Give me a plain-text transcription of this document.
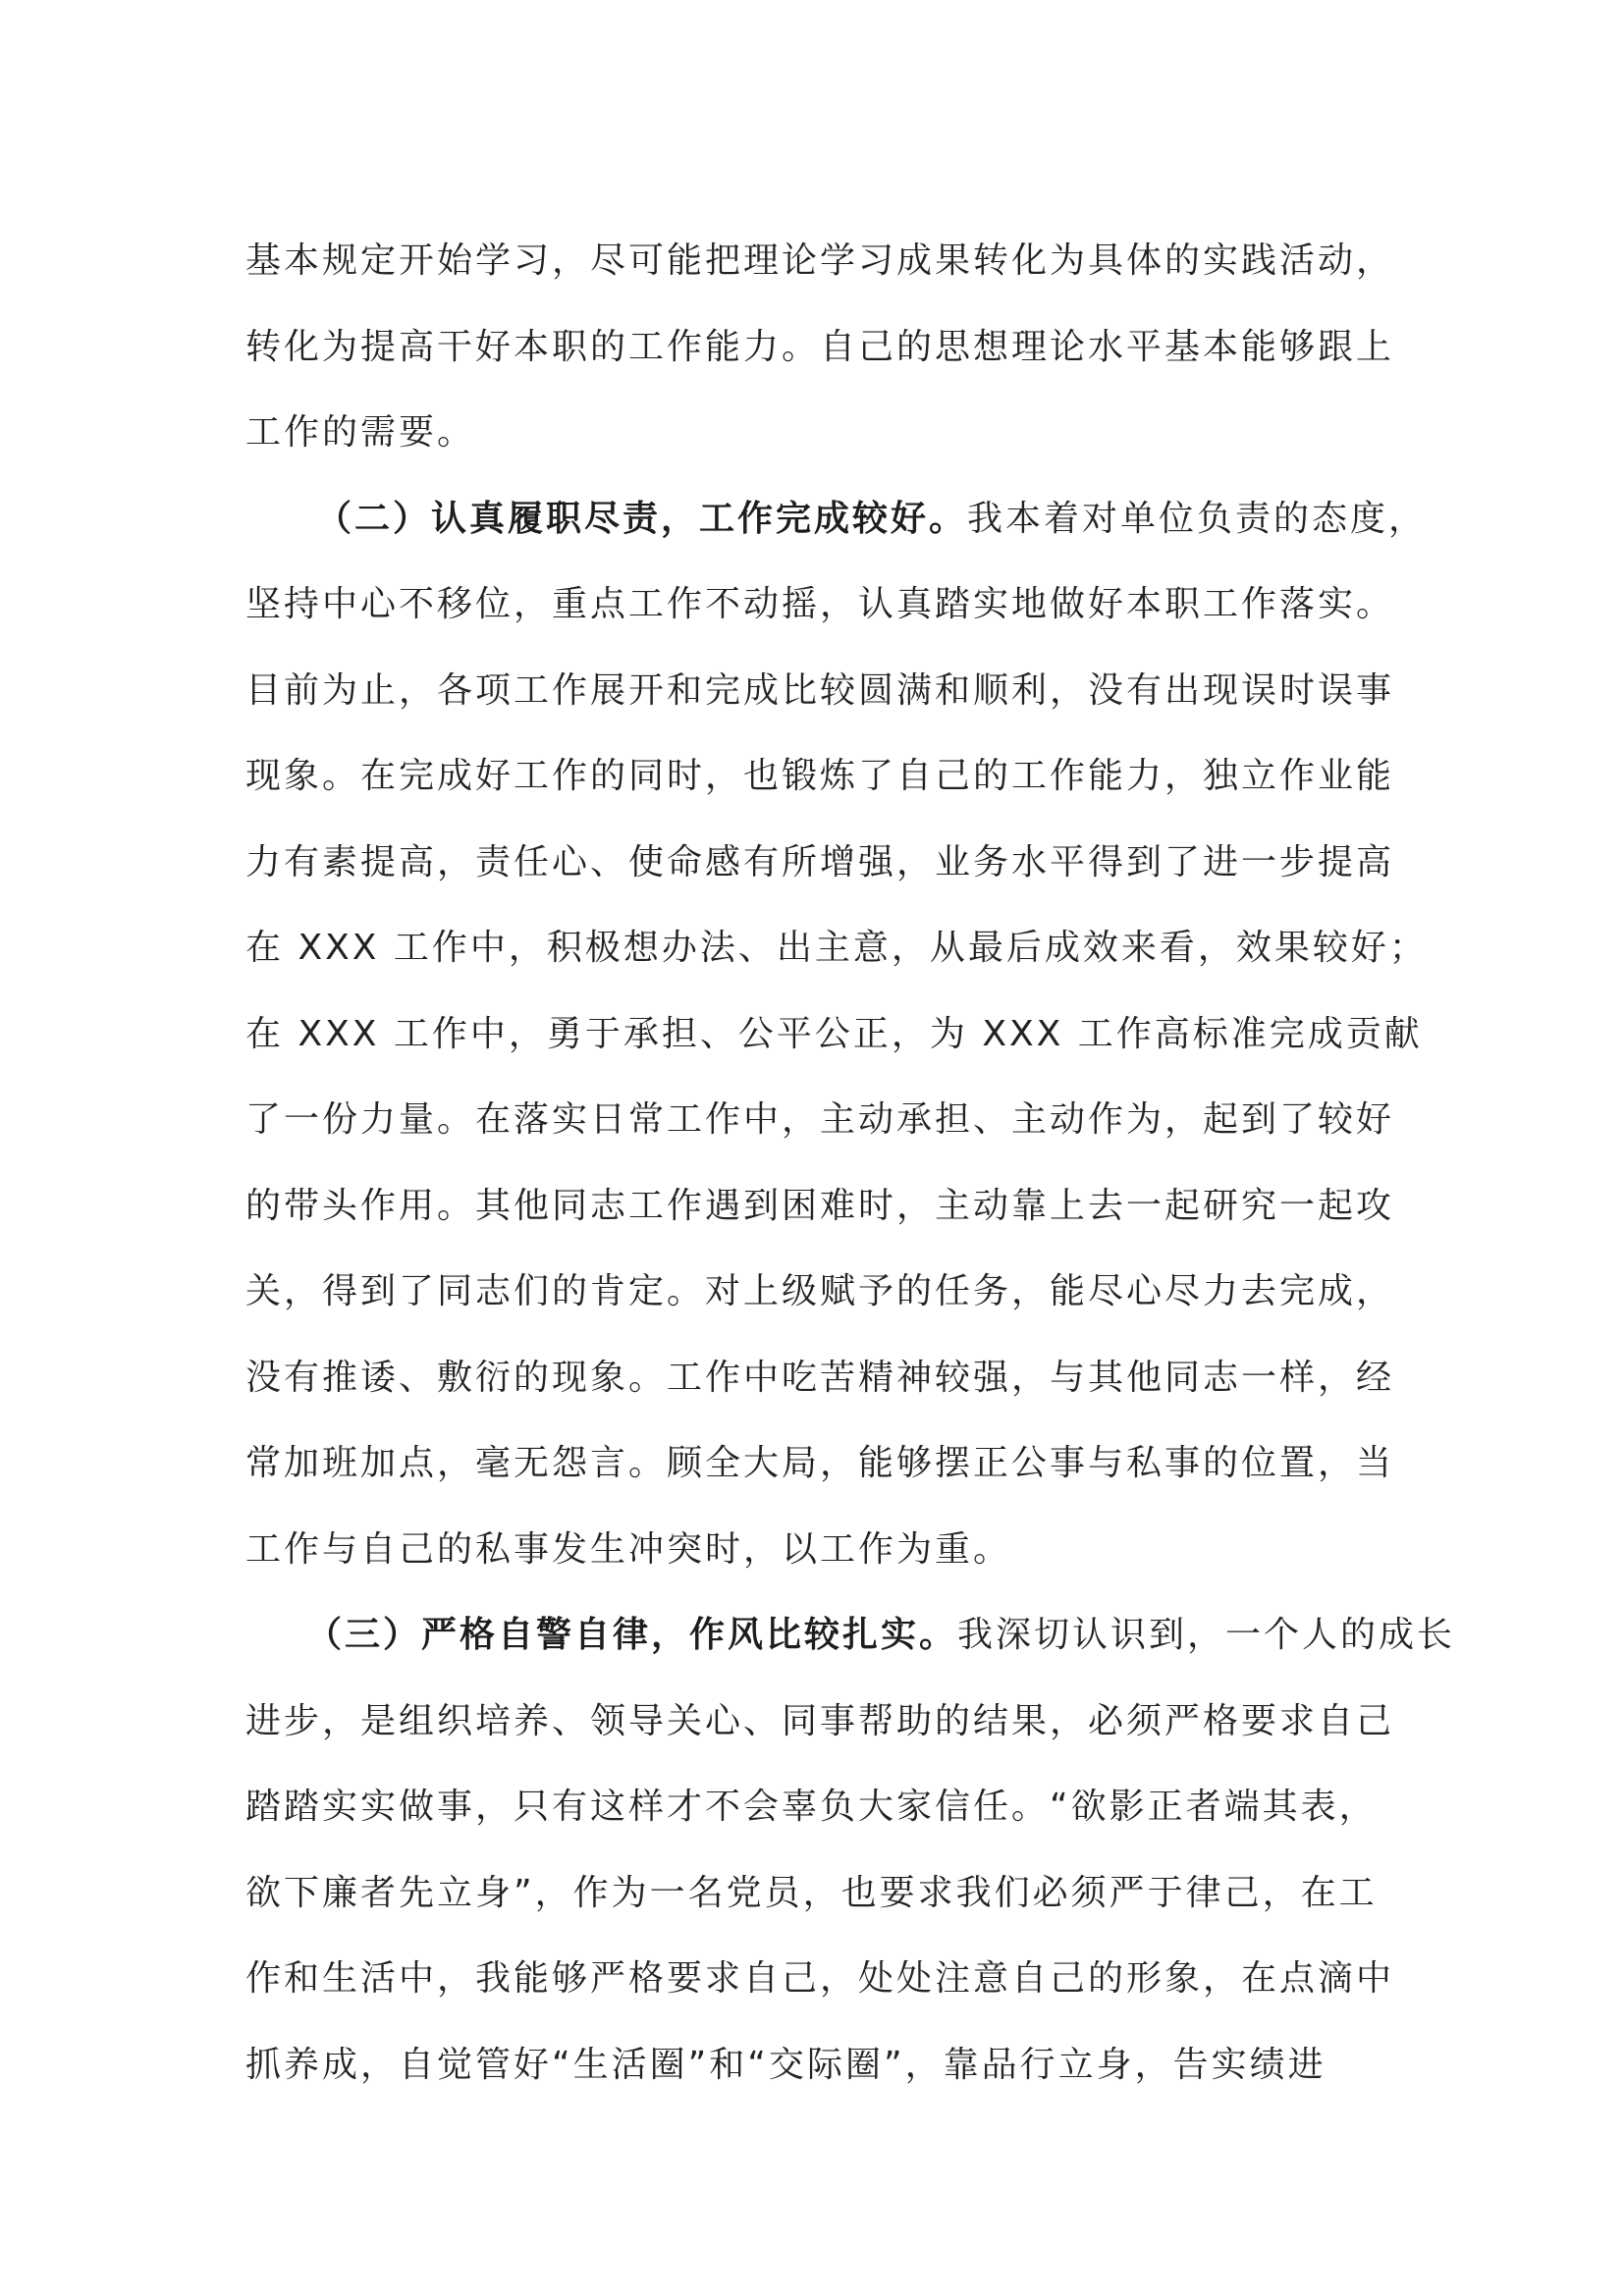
基本规定开始学习，尽可能把理论学习成果转化为具体的实践活动，
转化为提高干好本职的工作能力。自己的思想理论水平基本能够跟上
工作的需要。
（二）认真履职尽责，工作完成较好。我本着对单位负责的态度，
坚持中心不移位，重点工作不动摇，认真踏实地做好本职工作落实。
目前为止，各项工作展开和完成比较圆满和顺利，没有出现误时误事
现象。在完成好工作的同时，也锻炼了自己的工作能力，独立作业能
力有素提高，责任心、使命感有所增强，业务水平得到了进一步提高
在 XXX 工作中，积极想办法、出主意，从最后成效来看，效果较好；
在 XXX 工作中，勇于承担、公平公正，为 XXX 工作高标准完成贡献
了一份力量。在落实日常工作中，主动承担、主动作为，起到了较好
的带头作用。其他同志工作遇到困难时，主动靠上去一起研究一起攻
关，得到了同志们的肯定。对上级赋予的任务，能尽心尽力去完成，
没有推诿、敷衍的现象。工作中吃苦精神较强，与其他同志一样，经
常加班加点，毫无怨言。顾全大局，能够摆正公事与私事的位置，当
工作与自己的私事发生冲突时，以工作为重。
（三）严格自警自律，作风比较扎实。我深切认识到，一个人的成长
进步，是组织培养、领导关心、同事帮助的结果，必须严格要求自己
踏踏实实做事，只有这样才不会辜负大家信任。“欲影正者端其表，
欲下廉者先立身”，作为一名党员，也要求我们必须严于律己，在工
作和生活中，我能够严格要求自己，处处注意自己的形象，在点滴中
抓养成，自觉管好“生活圈”和“交际圈”，靠品行立身，告实绩进
